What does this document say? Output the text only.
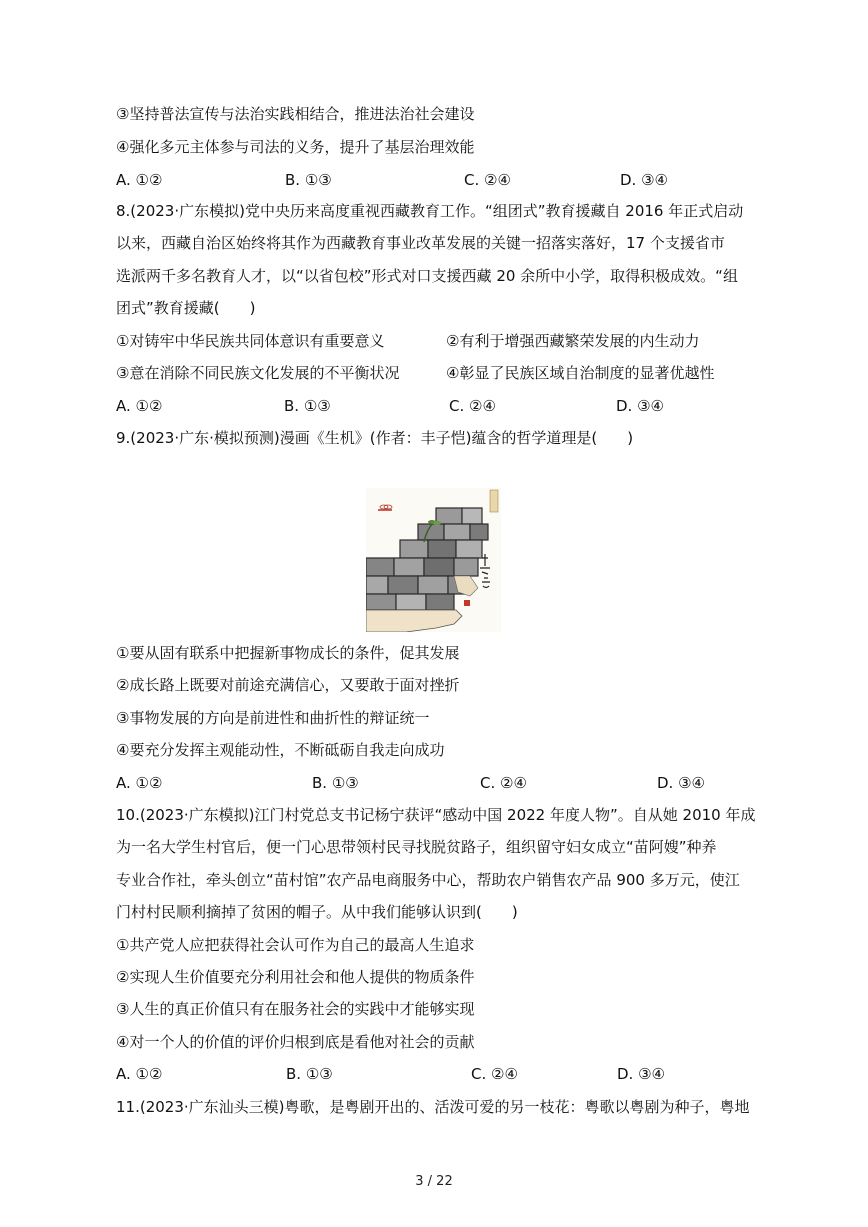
③坚持普法宣传与法治实践相结合，推进法治社会建设
④强化多元主体参与司法的义务，提升了基层治理效能
A. ①②	B. ①③	C. ②④	D. ③④
8.(2023·广东模拟)党中央历来高度重视西藏教育工作。“组团式”教育援藏自 2016 年正式启动
以来，西藏自治区始终将其作为西藏教育事业改革发展的关键一招落实落好，17 个支援省市
选派两千多名教育人才，以“以省包校”形式对口支援西藏 20 余所中小学，取得积极成效。“组
团式”教育援藏(　　)
①对铸牢中华民族共同体意识有重要意义	②有利于增强西藏繁荣发展的内生动力
③意在消除不同民族文化发展的不平衡状况	④彰显了民族区域自治制度的显著优越性
A. ①②	B. ①③	C. ②④	D. ③④
9.(2023·广东·模拟预测)漫画《生机》(作者：丰子恺)蕴含的哲学道理是(　　)
①要从固有联系中把握新事物成长的条件，促其发展
②成长路上既要对前途充满信心，又要敢于面对挫折
③事物发展的方向是前进性和曲折性的辩证统一
④要充分发挥主观能动性，不断砥砺自我走向成功
A. ①②	B. ①③	C. ②④	D. ③④
10.(2023·广东模拟)江门村党总支书记杨宁获评“感动中国 2022 年度人物”。自从她 2010 年成
为一名大学生村官后，便一门心思带领村民寻找脱贫路子，组织留守妇女成立“苗阿嫂”种养
专业合作社，牵头创立“苗村馆”农产品电商服务中心，帮助农户销售农产品 900 多万元，使江
门村村民顺利摘掉了贫困的帽子。从中我们能够认识到(　　)
①共产党人应把获得社会认可作为自己的最高人生追求
②实现人生价值要充分利用社会和他人提供的物质条件
③人生的真正价值只有在服务社会的实践中才能够实现
④对一个人的价值的评价归根到底是看他对社会的贡献
A. ①②	B. ①③	C. ②④	D. ③④
11.(2023·广东汕头三模)粤歌，是粤剧开出的、活泼可爱的另一枝花：粤歌以粤剧为种子，粤地
3 / 22
